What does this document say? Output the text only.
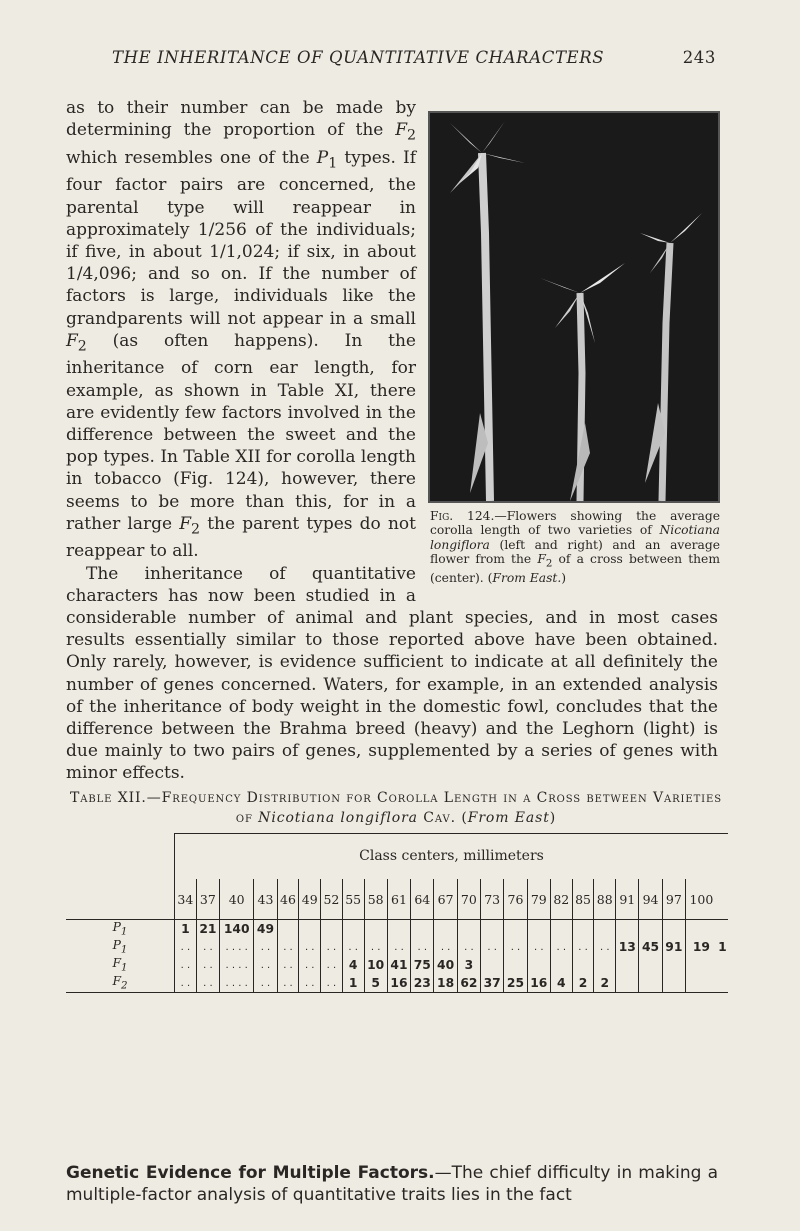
THE INHERITANCE OF QUANTITATIVE CHARACTERS	243
Fig. 124.—Flowers showing the average corolla length of two varieties of Nicotiana longiflora (left and right) and an average flower from the $F_2$ of a cross between them (center). (From East.)
as to their number can be made by determining the proportion of the $F_2$ which resembles one of the $P_1$ types. If four factor pairs are concerned, the parental type will reappear in approximately 1/256 of the individuals; if five, in about 1/1,024; if six, in about 1/4,096; and so on. If the number of factors is large, individuals like the grandparents will not appear in a small $F_2$ (as often happens). In the inheritance of corn ear length, for example, as shown in Table XI, there are evidently few factors involved in the difference between the sweet and the pop types. In Table XII for corolla length in tobacco (Fig. 124), however, there seems to be more than this, for in a rather large $F_2$ the parent types do not reappear to all.
The inheritance of quantitative characters has now been studied in a considerable number of animal and plant species, and in most cases results essentially similar to those reported above have been obtained. Only rarely, however, is evidence sufficient to indicate at all definitely the number of genes concerned. Waters, for example, in an extended analysis of the inheritance of body weight in the domestic fowl, concludes that the difference between the Brahma breed (heavy) and the Leghorn (light) is due mainly to two pairs of genes, supplemented by a series of genes with minor effects.
Table XII.—Frequency Distribution for Corolla Length in a Cross between Varieties of Nicotiana longiflora Cav. (From East)
	Class centers, millimeters																							
	34	37	40	43	46	49	52	55	58	61	64	67	70	73	76	79	82	85	88	91	94	97	100	
$P_1$	1	21	140	49																				
$P_1$	. .	. .	. . . .	. .	. .	. .	. .	. .	. .	. .	. .	. .	. .	. .	. .	. .	. .	. .	. .	13	45	91	19	1
$F_1$	. .	. .	. . . .	. .	. .	. .	. .	4	10	41	75	40	3											
$F_2$	. .	. .	. . . .	. .	. .	. .	. .	1	5	16	23	18	62	37	25	16	4	2	2					
Genetic Evidence for Multiple Factors.—The chief difficulty in making a multiple-factor analysis of quantitative traits lies in the fact
